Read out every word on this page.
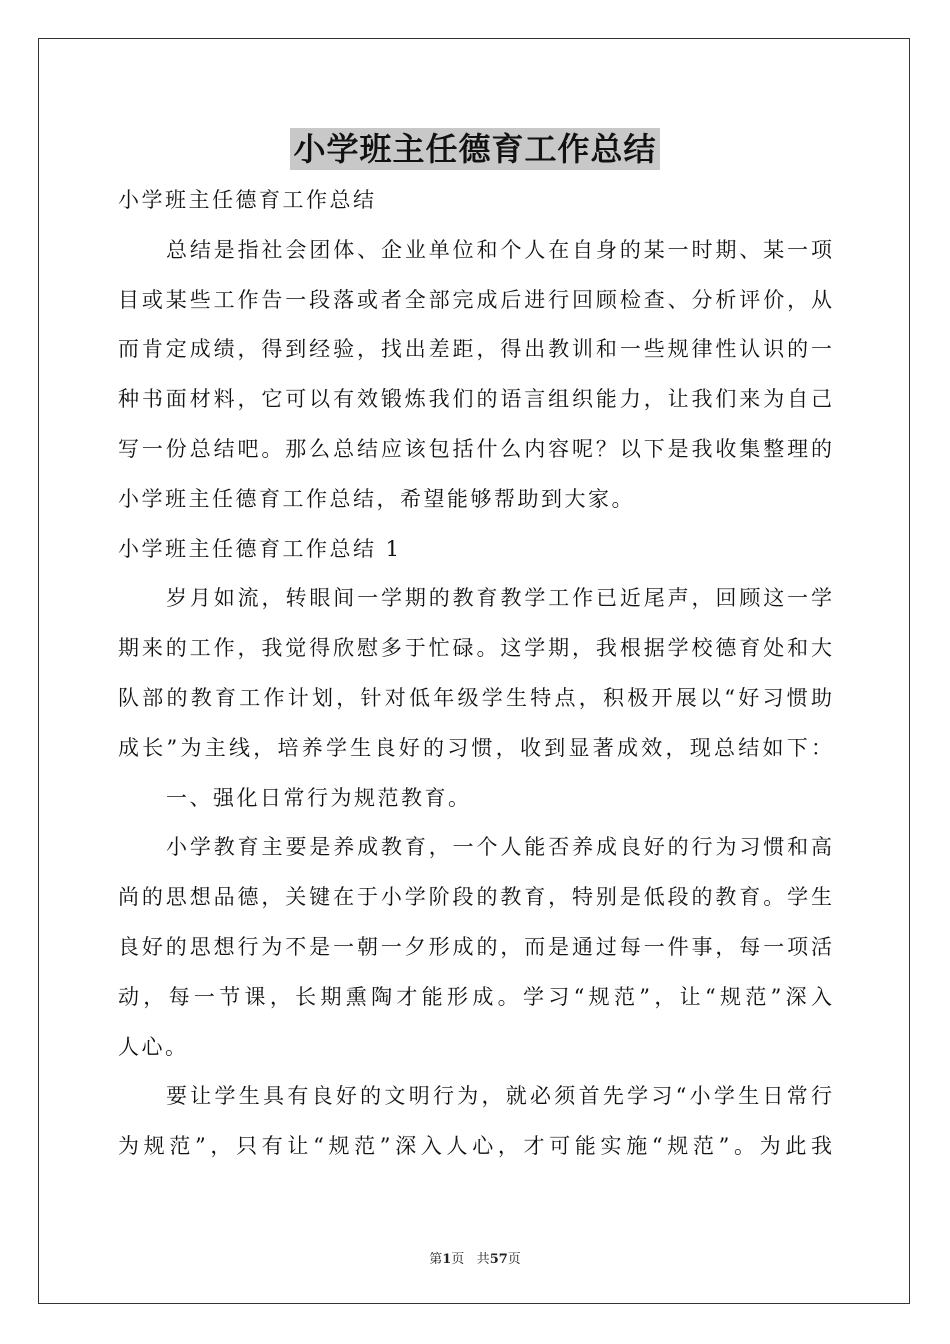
小学班主任德育工作总结
小学班主任德育工作总结
总结是指社会团体、企业单位和个人在自身的某一时期、某一项
目或某些工作告一段落或者全部完成后进行回顾检查、分析评价，从
而肯定成绩，得到经验，找出差距，得出教训和一些规律性认识的一
种书面材料，它可以有效锻炼我们的语言组织能力，让我们来为自己
写一份总结吧。那么总结应该包括什么内容呢？以下是我收集整理的
小学班主任德育工作总结，希望能够帮助到大家。
小学班主任德育工作总结 1
岁月如流，转眼间一学期的教育教学工作已近尾声，回顾这一学
期来的工作，我觉得欣慰多于忙碌。这学期，我根据学校德育处和大
队部的教育工作计划，针对低年级学生特点，积极开展以“好习惯助
成长”为主线，培养学生良好的习惯，收到显著成效，现总结如下：
一、强化日常行为规范教育。
小学教育主要是养成教育，一个人能否养成良好的行为习惯和高
尚的思想品德，关键在于小学阶段的教育，特别是低段的教育。学生
良好的思想行为不是一朝一夕形成的，而是通过每一件事，每一项活
动，每一节课，长期熏陶才能形成。学习“规范”，让“规范”深入
人心。
要让学生具有良好的文明行为，就必须首先学习“小学生日常行
为规范”，只有让“规范”深入人心，才可能实施“规范”。为此我
第1页 共57页
